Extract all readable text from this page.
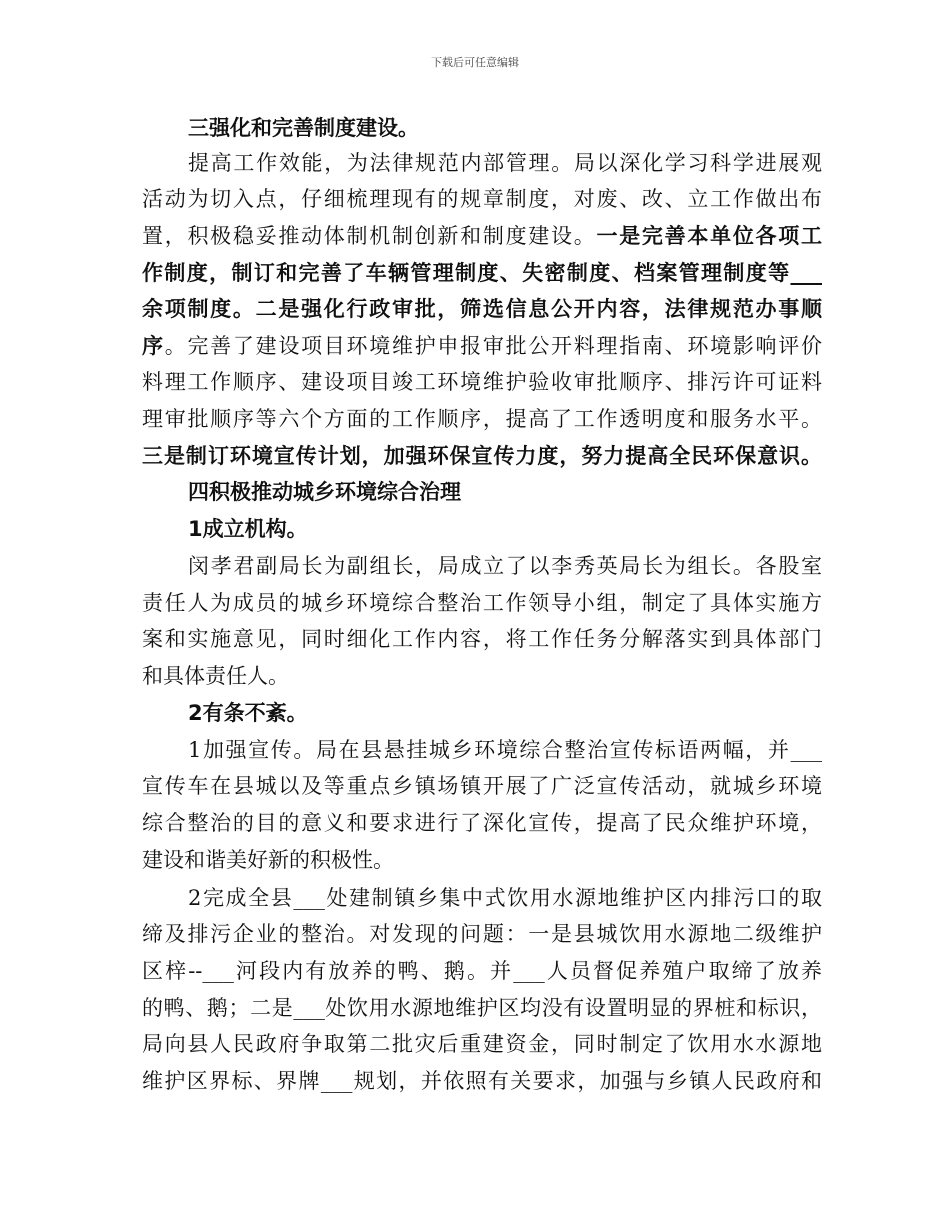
下载后可任意编辑
三强化和完善制度建设。
提高工作效能，为法律规范内部管理。局以深化学习科学进展观
活动为切入点，仔细梳理现有的规章制度，对废、改、立工作做出布
置，积极稳妥推动体制机制创新和制度建设。一是完善本单位各项工
作制度，制订和完善了车辆管理制度、失密制度、档案管理制度等___
余项制度。二是强化行政审批，筛选信息公开内容，法律规范办事顺
序。完善了建设项目环境维护申报审批公开料理指南、环境影响评价
料理工作顺序、建设项目竣工环境维护验收审批顺序、排污许可证料
理审批顺序等六个方面的工作顺序，提高了工作透明度和服务水平。
三是制订环境宣传计划，加强环保宣传力度，努力提高全民环保意识。
四积极推动城乡环境综合治理
1成立机构。
闵孝君副局长为副组长，局成立了以李秀英局长为组长。各股室
责任人为成员的城乡环境综合整治工作领导小组，制定了具体实施方
案和实施意见，同时细化工作内容，将工作任务分解落实到具体部门
和具体责任人。
2有条不紊。
1加强宣传。局在县悬挂城乡环境综合整治宣传标语两幅，并___
宣传车在县城以及等重点乡镇场镇开展了广泛宣传活动，就城乡环境
综合整治的目的意义和要求进行了深化宣传，提高了民众维护环境，
建设和谐美好新的积极性。
2完成全县___处建制镇乡集中式饮用水源地维护区内排污口的取
缔及排污企业的整治。对发现的问题：一是县城饮用水源地二级维护
区梓--___河段内有放养的鸭、鹅。并___人员督促养殖户取缔了放养
的鸭、鹅；二是___处饮用水源地维护区均没有设置明显的界桩和标识，
局向县人民政府争取第二批灾后重建资金，同时制定了饮用水水源地
维护区界标、界牌___规划，并依照有关要求，加强与乡镇人民政府和
